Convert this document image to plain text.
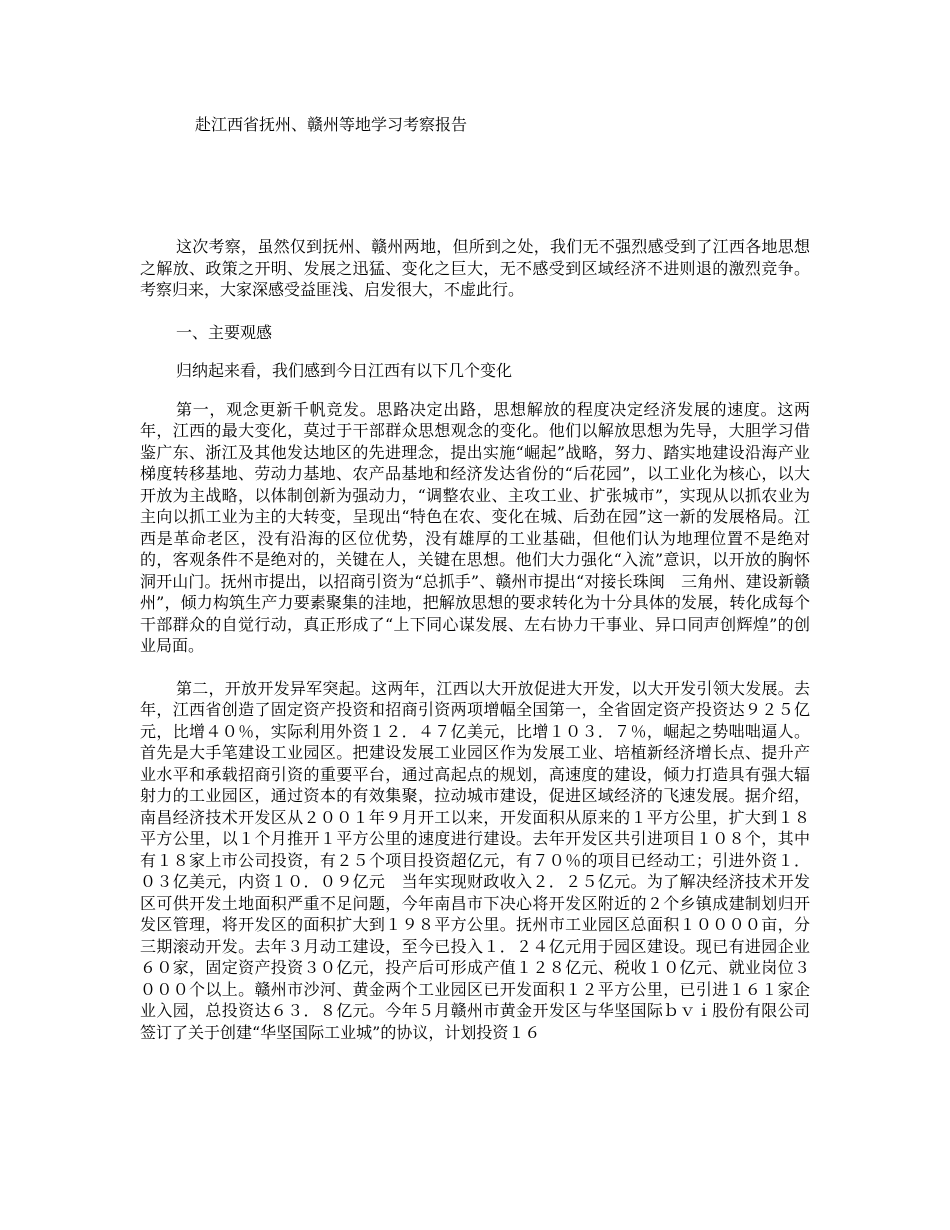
赴江西省抚州、赣州等地学习考察报告

这次考察，虽然仅到抚州、赣州两地，但所到之处，我们无不强烈感受到了江西各地思想之解放、政策之开明、发展之迅猛、变化之巨大，无不感受到区域经济不进则退的激烈竞争。考察归来，大家深感受益匪浅、启发很大，不虚此行。

一、主要观感

归纳起来看，我们感到今日江西有以下几个变化

第一，观念更新千帆竞发。思路决定出路，思想解放的程度决定经济发展的速度。这两年，江西的最大变化，莫过于干部群众思想观念的变化。他们以解放思想为先导，大胆学习借鉴广东、浙江及其他发达地区的先进理念，提出实施“崛起”战略，努力、踏实地建设沿海产业梯度转移基地、劳动力基地、农产品基地和经济发达省份的“后花园”，以工业化为核心，以大开放为主战略，以体制创新为强动力，“调整农业、主攻工业、扩张城市”，实现从以抓农业为主向以抓工业为主的大转变，呈现出“特色在农、变化在城、后劲在园”这一新的发展格局。江西是革命老区，没有沿海的区位优势，没有雄厚的工业基础，但他们认为地理位置不是绝对的，客观条件不是绝对的，关键在人，关键在思想。他们大力强化“入流”意识，以开放的胸怀洞开山门。抚州市提出，以招商引资为“总抓手”、赣州市提出“对接长珠闽　三角州、建设新赣州”，倾力构筑生产力要素聚集的洼地，把解放思想的要求转化为十分具体的发展，转化成每个干部群众的自觉行动，真正形成了“上下同心谋发展、左右协力干事业、异口同声创辉煌”的创业局面。

第二，开放开发异军突起。这两年，江西以大开放促进大开发，以大开发引领大发展。去年，江西省创造了固定资产投资和招商引资两项增幅全国第一，全省固定资产投资达９２５亿元，比增４０％，实际利用外资１２．４７亿美元，比增１０３．７％，崛起之势咄咄逼人。首先是大手笔建设工业园区。把建设发展工业园区作为发展工业、培植新经济增长点、提升产业水平和承载招商引资的重要平台，通过高起点的规划，高速度的建设，倾力打造具有强大辐射力的工业园区，通过资本的有效集聚，拉动城市建设，促进区域经济的飞速发展。据介绍，南昌经济技术开发区从２００１年９月开工以来，开发面积从原来的１平方公里，扩大到１８平方公里，以１个月推开１平方公里的速度进行建设。去年开发区共引进项目１０８个，其中有１８家上市公司投资，有２５个项目投资超亿元，有７０％的项目已经动工；引进外资１．０３亿美元，内资１０．０９亿元　当年实现财政收入２．２５亿元。为了解决经济技术开发区可供开发土地面积严重不足问题，今年南昌市下决心将开发区附近的２个乡镇成建制划归开发区管理，将开发区的面积扩大到１９８平方公里。抚州市工业园区总面积１００００亩，分三期滚动开发。去年３月动工建设，至今已投入１．２４亿元用于园区建设。现已有进园企业６０家，固定资产投资３０亿元，投产后可形成产值１２８亿元、税收１０亿元、就业岗位３０００个以上。赣州市沙河、黄金两个工业园区已开发面积１２平方公里，已引进１６１家企业入园，总投资达６３．８亿元。今年５月赣州市黄金开发区与华坚国际ｂｖｉ股份有限公司签订了关于创建“华坚国际工业城”的协议，计划投资１６
